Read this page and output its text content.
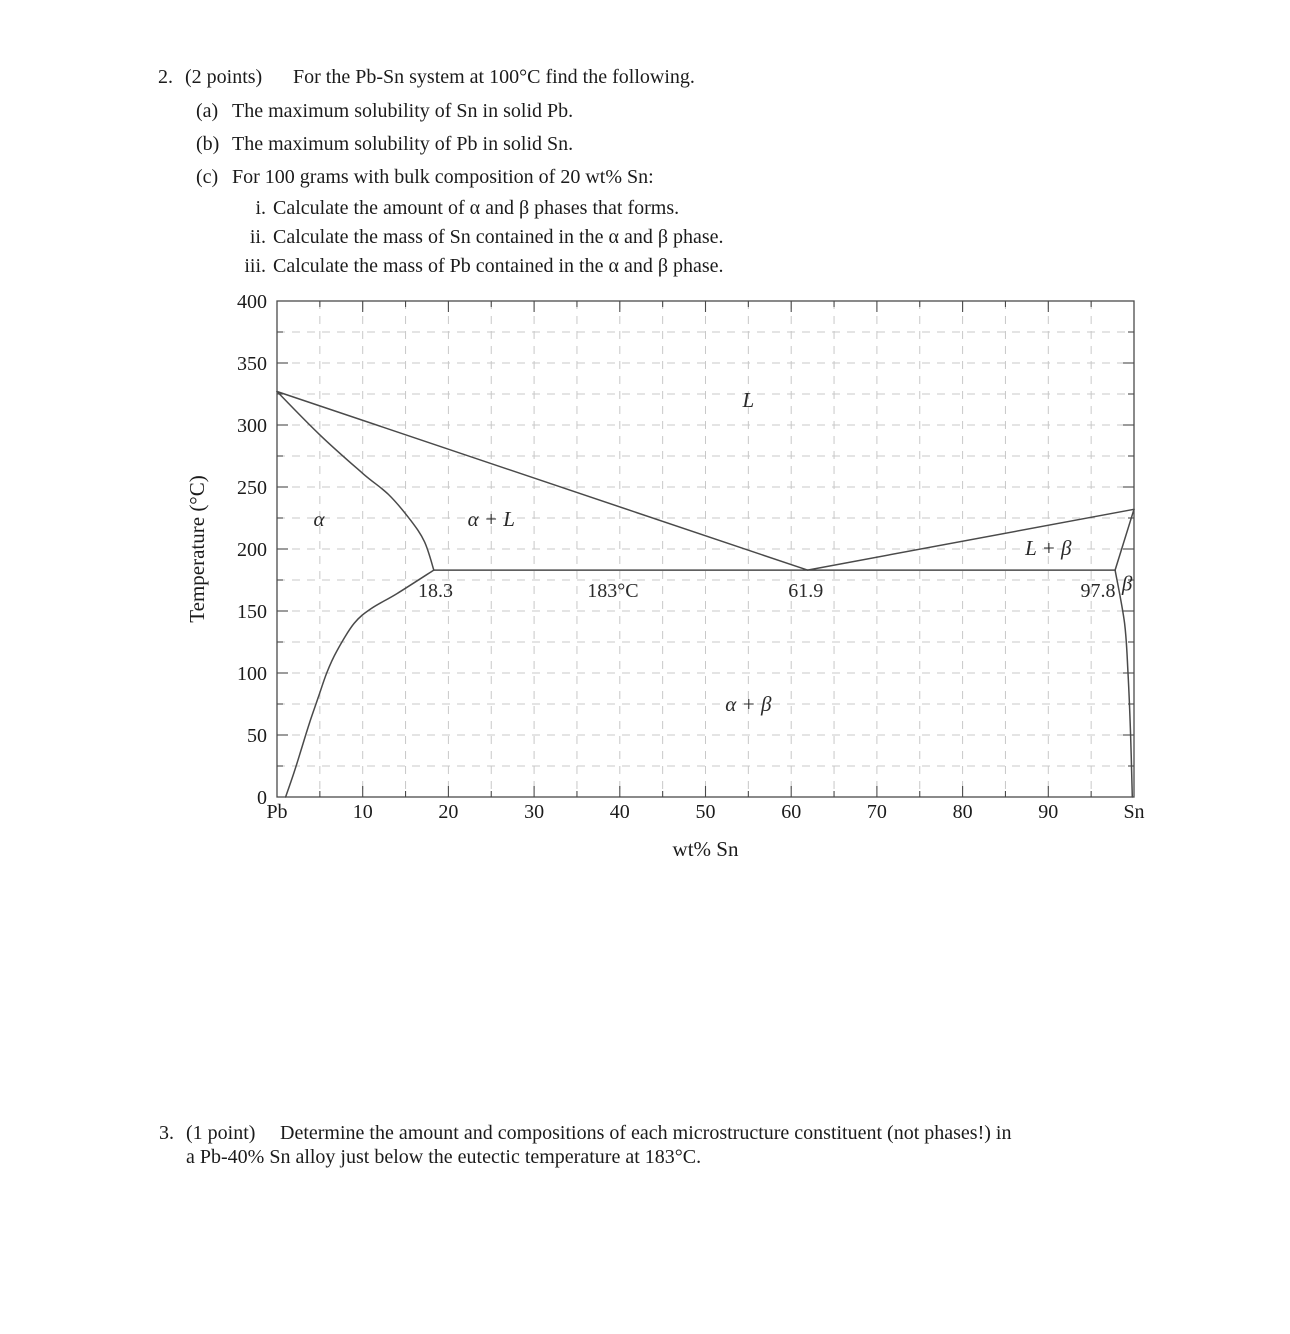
2. (2 points) For the Pb-Sn system at 100°C find the following.
(a) The maximum solubility of Sn in solid Pb.
(b) The maximum solubility of Pb in solid Sn.
(c) For 100 grams with bulk composition of 20 wt% Sn:
i. Calculate the amount of α and β phases that forms.
ii. Calculate the mass of Sn contained in the α and β phase.
iii. Calculate the mass of Pb contained in the α and β phase.
Pb	10	20	30	40	50	60	70	80	90	Sn
0
50
100
150
200
250
300
350
400
wt% Sn
Temperature (°C)
L
α	α + L
L + β
α + β
β
18.3	183°C	61.9	97.8
3. (1 point) Determine the amount and compositions of each microstructure constituent (not phases!) in
a Pb-40% Sn alloy just below the eutectic temperature at 183°C.
